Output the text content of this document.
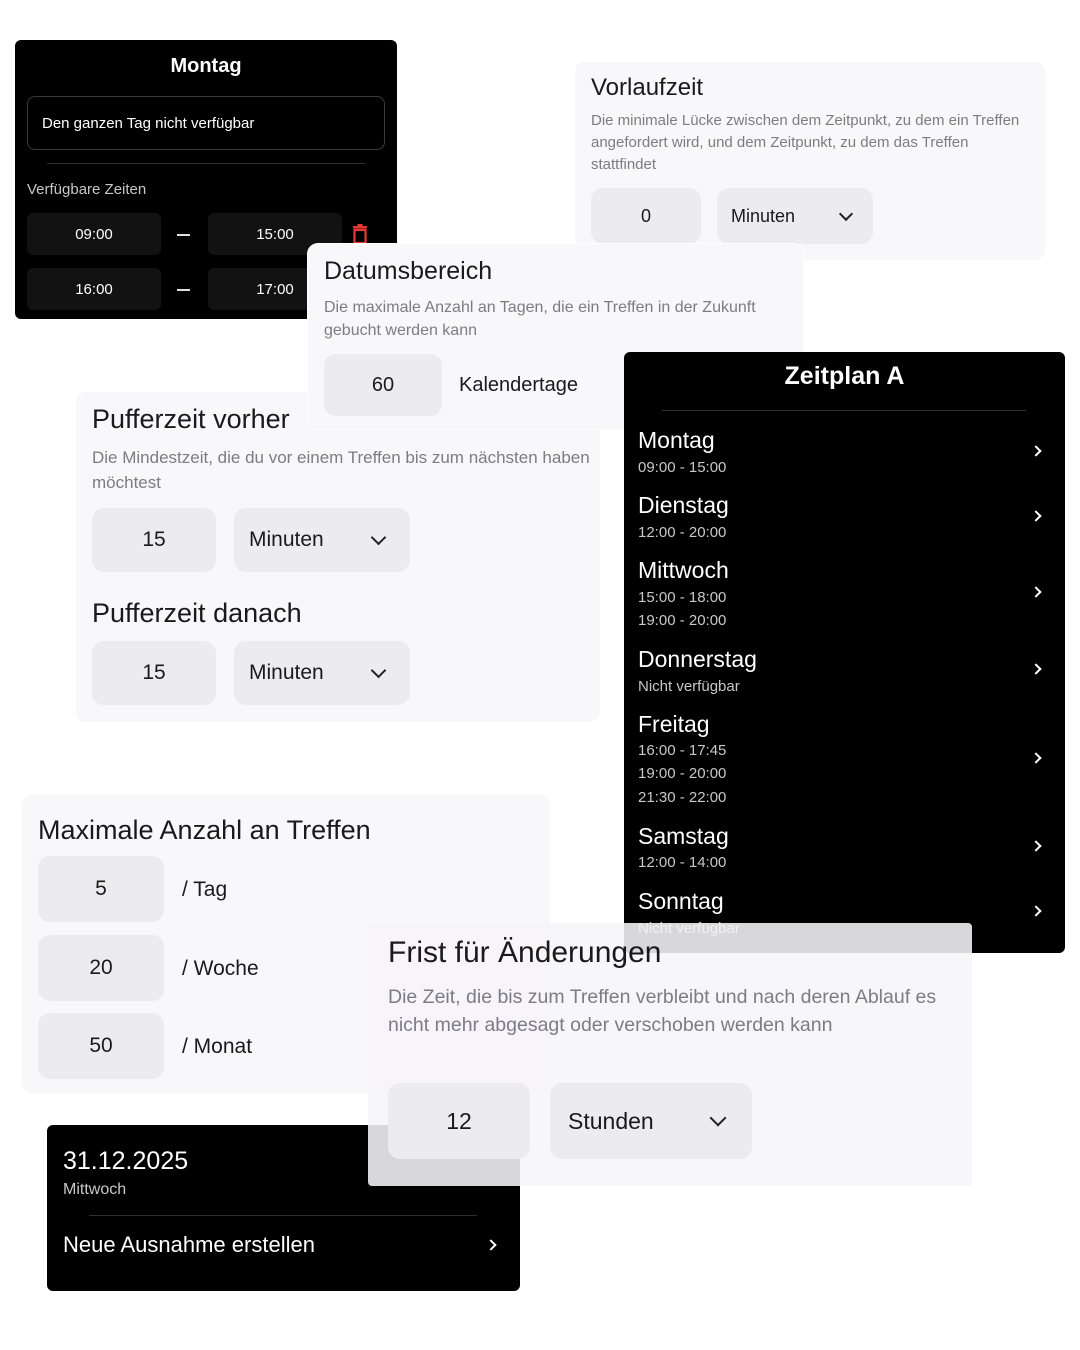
Montag
Den ganzen Tag nicht verfügbar
Verfügbare Zeiten
09:00	15:00
16:00	17:00
Vorlaufzeit
Die minimale Lücke zwischen dem Zeitpunkt, zu dem ein Treffen angefordert wird, und dem Zeitpunkt, zu dem das Treffen stattfindet
0	Minuten
Pufferzeit vorher
Die Mindestzeit, die du vor einem Treffen bis zum nächsten haben möchtest
15	Minuten
Pufferzeit danach
15	Minuten
Datumsbereich
Die maximale Anzahl an Tagen, die ein Treffen in der Zukunft gebucht werden kann
60	Kalendertage	Zeitplan A
Montag
09:00 - 15:00
Dienstag
12:00 - 20:00
Mittwoch
15:00 - 18:00
19:00 - 20:00
Donnerstag
Nicht verfügbar
Freitag
16:00 - 17:45
19:00 - 20:00
21:30 - 22:00
Samstag
12:00 - 14:00
Sonntag
Maximale Anzahl an Treffen
5	/ Tag
20	/ Woche
50	/ Monat
31.12.2025
Mittwoch
Neue Ausnahme erstellen
Frist für Änderungen
Die Zeit, die bis zum Treffen verbleibt und nach deren Ablauf es nicht mehr abgesagt oder verschoben werden kann
12	Stunden
